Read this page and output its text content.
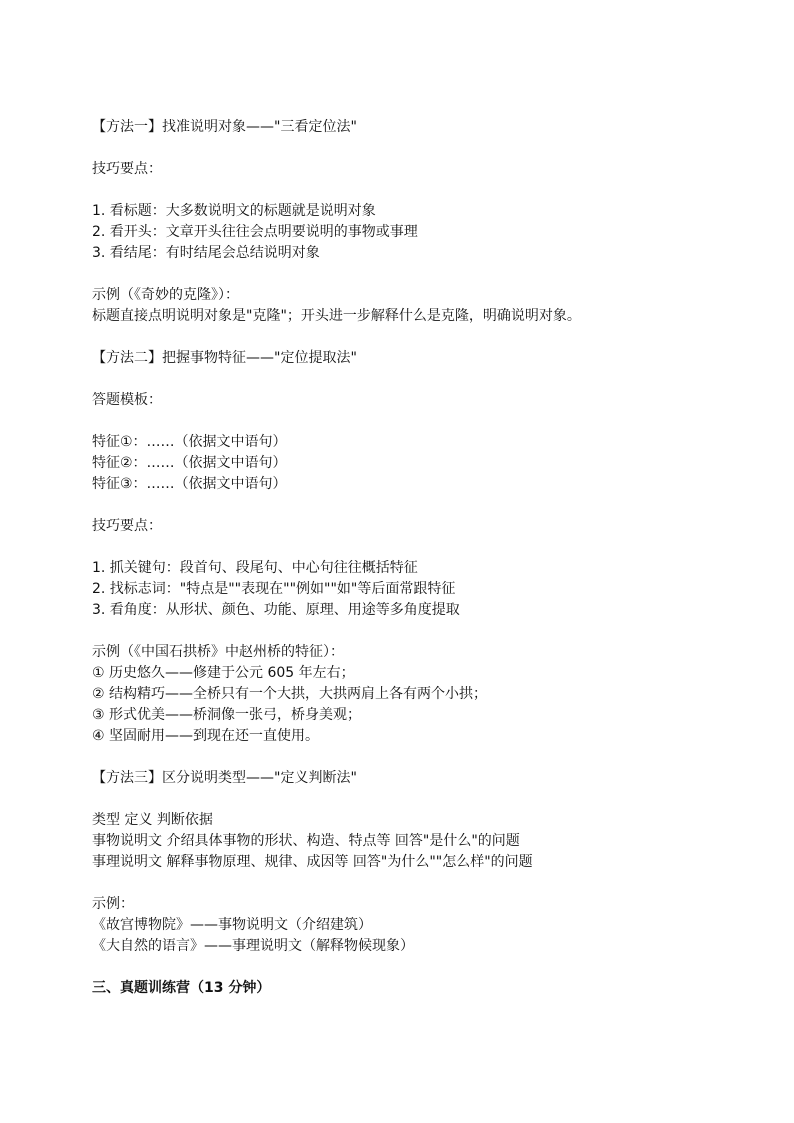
【方法一】找准说明对象——"三看定位法"
技巧要点：
1. 看标题：大多数说明文的标题就是说明对象
2. 看开头：文章开头往往会点明要说明的事物或事理
3. 看结尾：有时结尾会总结说明对象
示例（《奇妙的克隆》）：
标题直接点明说明对象是"克隆"；开头进一步解释什么是克隆，明确说明对象。
【方法二】把握事物特征——"定位提取法"
答题模板：
特征①：……（依据文中语句）
特征②：……（依据文中语句）
特征③：……（依据文中语句）
技巧要点：
1. 抓关键句：段首句、段尾句、中心句往往概括特征
2. 找标志词："特点是""表现在""例如""如"等后面常跟特征
3. 看角度：从形状、颜色、功能、原理、用途等多角度提取
示例（《中国石拱桥》中赵州桥的特征）：
① 历史悠久——修建于公元 605 年左右；
② 结构精巧——全桥只有一个大拱，大拱两肩上各有两个小拱；
③ 形式优美——桥洞像一张弓，桥身美观；
④ 坚固耐用——到现在还一直使用。
【方法三】区分说明类型——"定义判断法"
类型 定义 判断依据
事物说明文 介绍具体事物的形状、构造、特点等 回答"是什么"的问题
事理说明文 解释事物原理、规律、成因等 回答"为什么""怎么样"的问题
示例：
《故宫博物院》——事物说明文（介绍建筑）
《大自然的语言》——事理说明文（解释物候现象）
三、真题训练营（13 分钟）
